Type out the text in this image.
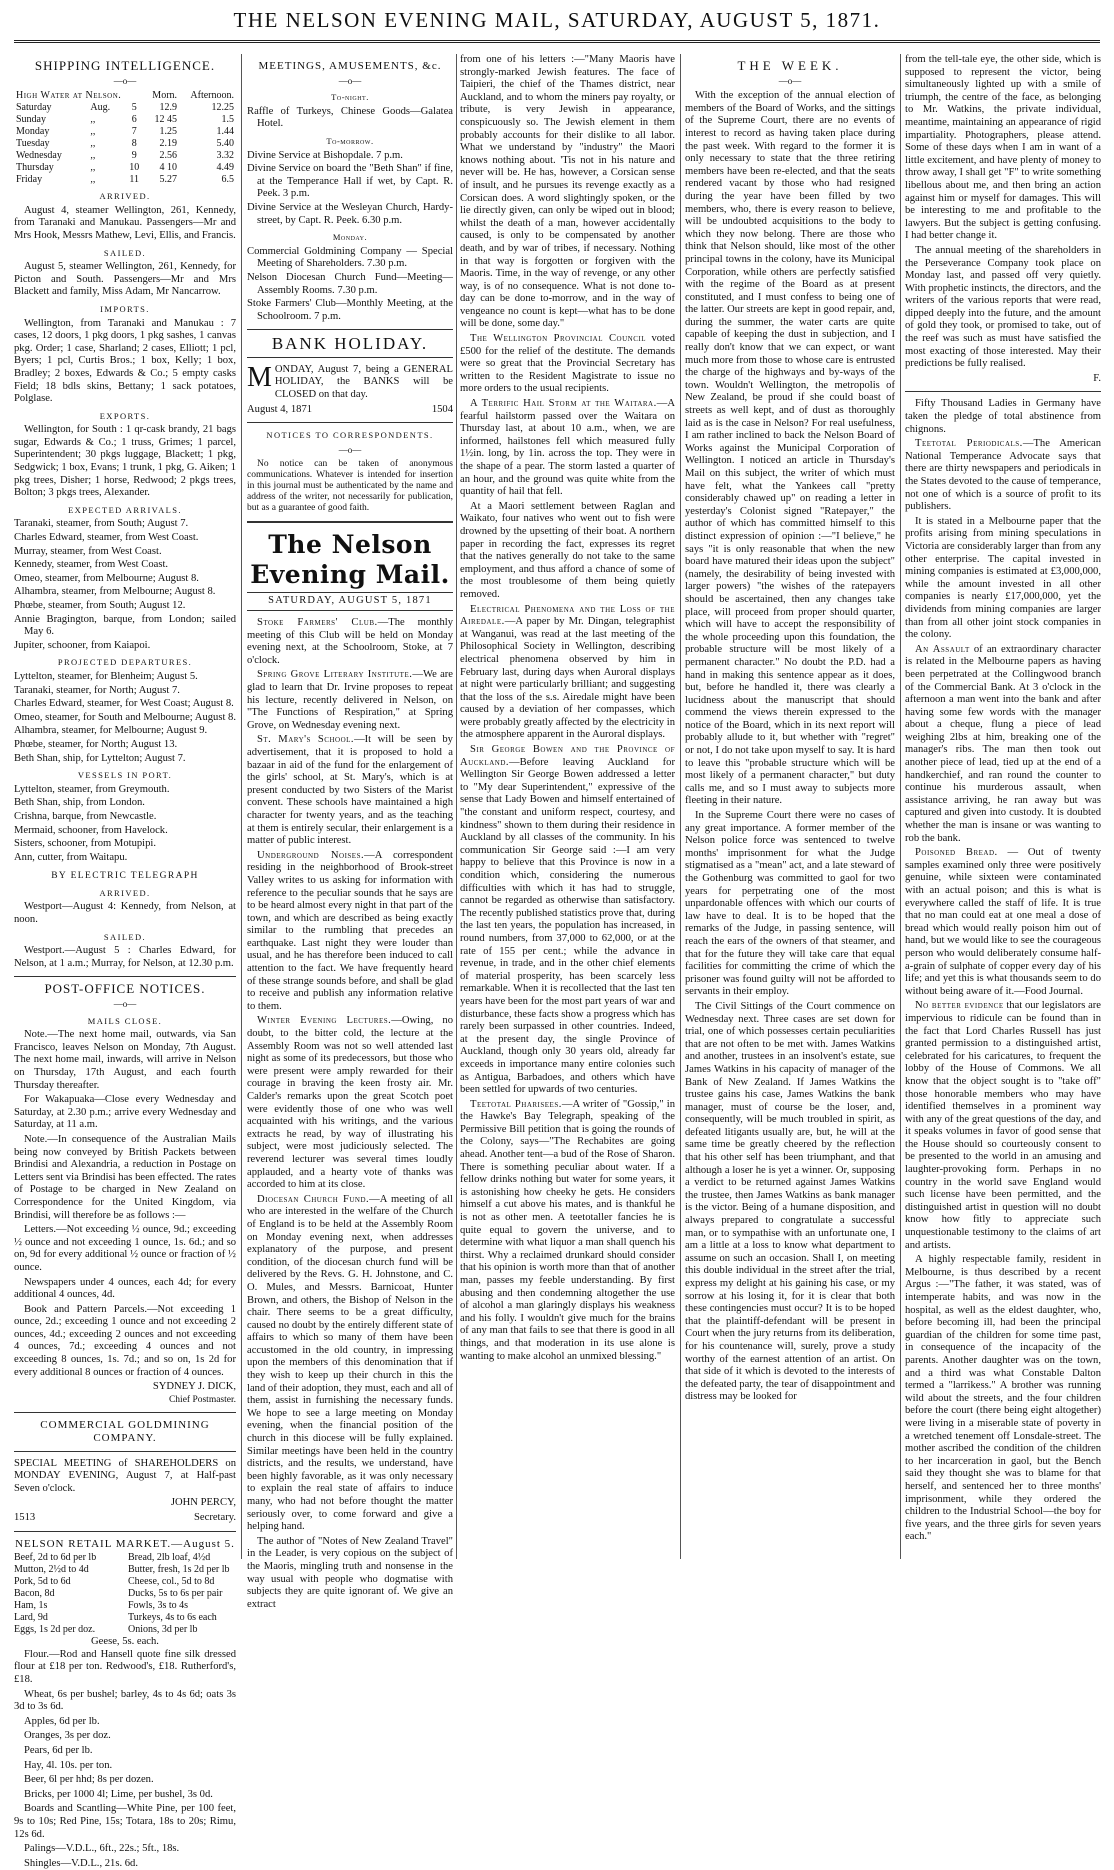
THE NELSON EVENING MAIL, SATURDAY, AUGUST 5, 1871.
SHIPPING INTELLIGENCE.
—o—
High Water at Nelson.			Morn.	Afternoon.
Saturday	Aug.	5	12.9	12.25
Sunday	,,	6	12 45	1.5
Monday	,,	7	1.25	1.44
Tuesday	,,	8	2.19	5.40
Wednesday	,,	9	2.56	3.32
Thursday	,,	10	4 10	4.49
Friday	,,	11	5.27	6.5
ARRIVED.
August 4, steamer Wellington, 261, Kennedy, from Taranaki and Manukau. Passengers—Mr and Mrs Hook, Messrs Mathew, Levi, Ellis, and Francis.
SAILED.
August 5, steamer Wellington, 261, Kennedy, for Picton and South. Passengers—Mr and Mrs Blackett and family, Miss Adam, Mr Nancarrow.
IMPORTS.
Wellington, from Taranaki and Manukau : 7 cases, 12 doors, 1 pkg doors, 1 pkg sashes, 1 canvas pkg. Order; 1 case, Sharland; 2 cases, Elliott; 1 pcl, Byers; 1 pcl, Curtis Bros.; 1 box, Kelly; 1 box, Bradley; 2 boxes, Edwards & Co.; 5 empty casks Field; 18 bdls skins, Bettany; 1 sack potatoes, Polglase.
EXPORTS.
Wellington, for South : 1 qr-cask brandy, 21 bags sugar, Edwards & Co.; 1 truss, Grimes; 1 parcel, Superintendent; 30 pkgs luggage, Blackett; 1 pkg, Sedgwick; 1 box, Evans; 1 trunk, 1 pkg, G. Aiken; 1 pkg trees, Disher; 1 horse, Redwood; 2 pkgs trees, Bolton; 3 pkgs trees, Alexander.
EXPECTED ARRIVALS.
Taranaki, steamer, from South; August 7.
Charles Edward, steamer, from West Coast.
Murray, steamer, from West Coast.
Kennedy, steamer, from West Coast.
Omeo, steamer, from Melbourne; August 8.
Alhambra, steamer, from Melbourne; August 8.
Phœbe, steamer, from South; August 12.
Annie Bragington, barque, from London; sailed May 6.
Jupiter, schooner, from Kaiapoi.
PROJECTED DEPARTURES.
Lyttelton, steamer, for Blenheim; August 5.
Taranaki, steamer, for North; August 7.
Charles Edward, steamer, for West Coast; August 8.
Omeo, steamer, for South and Melbourne; August 8.
Alhambra, steamer, for Melbourne; August 9.
Phœbe, steamer, for North; August 13.
Beth Shan, ship, for Lyttelton; August 7.
VESSELS IN PORT.
Lyttelton, steamer, from Greymouth.
Beth Shan, ship, from London.
Crishna, barque, from Newcastle.
Mermaid, schooner, from Havelock.
Sisters, schooner, from Motupipi.
Ann, cutter, from Waitapu.
BY ELECTRIC TELEGRAPH
ARRIVED.
Westport—August 4: Kennedy, from Nelson, at noon.
SAILED.
Westport.—August 5 : Charles Edward, for Nelson, at 1 a.m.; Murray, for Nelson, at 12.30 p.m.
POST-OFFICE NOTICES.
—o—
MAILS CLOSE.
Note.—The next home mail, outwards, via San Francisco, leaves Nelson on Monday, 7th August. The next home mail, inwards, will arrive in Nelson on Thursday, 17th August, and each fourth Thursday thereafter.
For Wakapuaka—Close every Wednesday and Saturday, at 2.30 p.m.; arrive every Wednesday and Saturday, at 11 a.m.
Note.—In consequence of the Australian Mails being now conveyed by British Packets between Brindisi and Alexandria, a reduction in Postage on Letters sent via Brindisi has been effected. The rates of Postage to be charged in New Zealand on Correspondence for the United Kingdom, via Brindisi, will therefore be as follows :—
Letters.—Not exceeding ½ ounce, 9d.; exceeding ½ ounce and not exceeding 1 ounce, 1s. 6d.; and so on, 9d for every additional ½ ounce or fraction of ½ ounce.
Newspapers under 4 ounces, each 4d; for every additional 4 ounces, 4d.
Book and Pattern Parcels.—Not exceeding 1 ounce, 2d.; exceeding 1 ounce and not exceeding 2 ounces, 4d.; exceeding 2 ounces and not exceeding 4 ounces, 7d.; exceeding 4 ounces and not exceeding 8 ounces, 1s. 7d.; and so on, 1s 2d for every additional 8 ounces or fraction of 4 ounces.
SYDNEY J. DICK,
Chief Postmaster.
COMMERCIAL GOLDMINING COMPANY.
SPECIAL MEETING of SHAREHOLDERS on MONDAY EVENING, August 7, at Half-past Seven o'clock.
JOHN PERCY,
1513	Secretary.
NELSON RETAIL MARKET.—August 5.
Beef, 2d to 6d per lb
Mutton, 2½d to 4d
Pork, 5d to 6d
Bacon, 8d
Ham, 1s
Lard, 9d
Eggs, 1s 2d per doz.
Bread, 2lb loaf, 4½d
Butter, fresh, 1s 2d per lb
Cheese, col., 5d to 8d
Ducks, 5s to 6s per pair
Fowls, 3s to 4s
Turkeys, 4s to 6s each
Onions, 3d per lb
Geese, 5s. each.
Flour.—Rod and Hansell quote fine silk dressed flour at £18 per ton. Redwood's, £18. Rutherford's, £18.
Wheat, 6s per bushel; barley, 4s to 4s 6d; oats 3s 3d to 3s 6d.
Apples, 6d per lb.
Oranges, 3s per doz.
Pears, 6d per lb.
Hay, 4l. 10s. per ton.
Beer, 6l per hhd; 8s per dozen.
Bricks, per 1000 4l; Lime, per bushel, 3s 0d.
Boards and Scantling—White Pine, per 100 feet, 9s to 10s; Red Pine, 15s; Totara, 18s to 20s; Rimu, 12s 6d.
Palings—V.D.L., 6ft., 22s.; 5ft., 18s.
Shingles—V.D.L., 21s. 6d.
MEETINGS, AMUSEMENTS, &c.
—o—
To-night.
Raffle of Turkeys, Chinese Goods—Galatea Hotel.
To-morrow.
Divine Service at Bishopdale. 7 p.m.
Divine Service on board the "Beth Shan" if fine, at the Temperance Hall if wet, by Capt. R. Peek. 3 p.m.
Divine Service at the Wesleyan Church, Hardy-street, by Capt. R. Peek. 6.30 p.m.
Monday.
Commercial Goldmining Company — Special Meeting of Shareholders. 7.30 p.m.
Nelson Diocesan Church Fund—Meeting—Assembly Rooms. 7.30 p.m.
Stoke Farmers' Club—Monthly Meeting, at the Schoolroom. 7 p.m.
BANK HOLIDAY.
MONDAY, August 7, being a GENERAL HOLIDAY, the BANKS will be CLOSED on that day.
August 4, 1871	1504
NOTICES TO CORRESPONDENTS.
—o—
No notice can be taken of anonymous communications. Whatever is intended for insertion in this journal must be authenticated by the name and address of the writer, not necessarily for publication, but as a guarantee of good faith.
The Nelson Evening Mail.
SATURDAY, AUGUST 5, 1871
Stoke Farmers' Club.—The monthly meeting of this Club will be held on Monday evening next, at the Schoolroom, Stoke, at 7 o'clock.
Spring Grove Literary Institute.—We are glad to learn that Dr. Irvine proposes to repeat his lecture, recently delivered in Nelson, on "The Functions of Respiration," at Spring Grove, on Wednesday evening next.
St. Mary's School.—It will be seen by advertisement, that it is proposed to hold a bazaar in aid of the fund for the enlargement of the girls' school, at St. Mary's, which is at present conducted by two Sisters of the Marist convent. These schools have maintained a high character for twenty years, and as the teaching at them is entirely secular, their enlargement is a matter of public interest.
Underground Noises.—A correspondent residing in the neighborhood of Brook-street Valley writes to us asking for information with reference to the peculiar sounds that he says are to be heard almost every night in that part of the town, and which are described as being exactly similar to the rumbling that precedes an earthquake. Last night they were louder than usual, and he has therefore been induced to call attention to the fact. We have frequently heard of these strange sounds before, and shall be glad to receive and publish any information relative to them.
Winter Evening Lectures.—Owing, no doubt, to the bitter cold, the lecture at the Assembly Room was not so well attended last night as some of its predecessors, but those who were present were amply rewarded for their courage in braving the keen frosty air. Mr. Calder's remarks upon the great Scotch poet were evidently those of one who was well acquainted with his writings, and the various extracts he read, by way of illustrating his subject, were most judiciously selected. The reverend lecturer was several times loudly applauded, and a hearty vote of thanks was accorded to him at its close.
Diocesan Church Fund.—A meeting of all who are interested in the welfare of the Church of England is to be held at the Assembly Room on Monday evening next, when addresses explanatory of the purpose, and present condition, of the diocesan church fund will be delivered by the Revs. G. H. Johnstone, and C. O. Mules, and Messrs. Barnicoat, Hunter Brown, and others, the Bishop of Nelson in the chair. There seems to be a great difficulty, caused no doubt by the entirely different state of affairs to which so many of them have been accustomed in the old country, in impressing upon the members of this denomination that if they wish to keep up their church in this the land of their adoption, they must, each and all of them, assist in furnishing the necessary funds. We hope to see a large meeting on Monday evening, when the financial position of the church in this diocese will be fully explained. Similar meetings have been held in the country districts, and the results, we understand, have been highly favorable, as it was only necessary to explain the real state of affairs to induce many, who had not before thought the matter seriously over, to come forward and give a helping hand.
The author of "Notes of New Zealand Travel" in the Leader, is very copious on the subject of the Maoris, mingling truth and nonsense in the way usual with people who dogmatise with subjects they are quite ignorant of. We give an extract
from one of his letters :—"Many Maoris have strongly-marked Jewish features. The face of Taipieri, the chief of the Thames district, near Auckland, and to whom the miners pay royalty, or tribute, is very Jewish in appearance, conspicuously so. The Jewish element in them probably accounts for their dislike to all labor. What we understand by "industry" the Maori knows nothing about. 'Tis not in his nature and never will be. He has, however, a Corsican sense of insult, and he pursues its revenge exactly as a Corsican does. A word slightingly spoken, or the lie directly given, can only be wiped out in blood; whilst the death of a man, however accidentally caused, is only to be compensated by another death, and by war of tribes, if necessary. Nothing in that way is forgotten or forgiven with the Maoris. Time, in the way of revenge, or any other way, is of no consequence. What is not done to-day can be done to-morrow, and in the way of vengeance no count is kept—what has to be done will be done, some day."
The Wellington Provincial Council voted £500 for the relief of the destitute. The demands were so great that the Provincial Secretary has written to the Resident Magistrate to issue no more orders to the usual recipients.
A Terrific Hail Storm at the Waitara.—A fearful hailstorm passed over the Waitara on Thursday last, at about 10 a.m., when, we are informed, hailstones fell which measured fully 1½in. long, by 1in. across the top. They were in the shape of a pear. The storm lasted a quarter of an hour, and the ground was quite white from the quantity of hail that fell.
At a Maori settlement between Raglan and Waikato, four natives who went out to fish were drowned by the upsetting of their boat. A northern paper in recording the fact, expresses its regret that the natives generally do not take to the same employment, and thus afford a chance of some of the most troublesome of them being quietly removed.
Electrical Phenomena and the Loss of the Airedale.—A paper by Mr. Dingan, telegraphist at Wanganui, was read at the last meeting of the Philosophical Society in Wellington, describing electrical phenomena observed by him in February last, during days when Auroral displays at night were particularly brilliant; and suggesting that the loss of the s.s. Airedale might have been caused by a deviation of her compasses, which were probably greatly affected by the electricity in the atmosphere apparent in the Auroral displays.
Sir George Bowen and the Province of Auckland.—Before leaving Auckland for Wellington Sir George Bowen addressed a letter to "My dear Superintendent," expressive of the sense that Lady Bowen and himself entertained of "the constant and uniform respect, courtesy, and kindness" shown to them during their residence in Auckland by all classes of the community. In his communication Sir George said :—I am very happy to believe that this Province is now in a condition which, considering the numerous difficulties with which it has had to struggle, cannot be regarded as otherwise than satisfactory. The recently published statistics prove that, during the last ten years, the population has increased, in round numbers, from 37,000 to 62,000, or at the rate of 155 per cent.; while the advance in revenue, in trade, and in the other chief elements of material prosperity, has been scarcely less remarkable. When it is recollected that the last ten years have been for the most part years of war and disturbance, these facts show a progress which has rarely been surpassed in other countries. Indeed, at the present day, the single Province of Auckland, though only 30 years old, already far exceeds in importance many entire colonies such as Antigua, Barbadoes, and others which have been settled for upwards of two centuries.
Teetotal Pharisees.—A writer of "Gossip," in the Hawke's Bay Telegraph, speaking of the Permissive Bill petition that is going the rounds of the Colony, says—"The Rechabites are going ahead. Another tent—a bud of the Rose of Sharon. There is something peculiar about water. If a fellow drinks nothing but water for some years, it is astonishing how cheeky he gets. He considers himself a cut above his mates, and is thankful he is not as other men. A teetotaller fancies he is quite equal to govern the universe, and to determine with what liquor a man shall quench his thirst. Why a reclaimed drunkard should consider that his opinion is worth more than that of another man, passes my feeble understanding. By first abusing and then condemning altogether the use of alcohol a man glaringly displays his weakness and his folly. I wouldn't give much for the brains of any man that fails to see that there is good in all things, and that moderation in its use alone is wanting to make alcohol an unmixed blessing."
THE WEEK.
—o—
With the exception of the annual election of members of the Board of Works, and the sittings of the Supreme Court, there are no events of interest to record as having taken place during the past week. With regard to the former it is only necessary to state that the three retiring members have been re-elected, and that the seats rendered vacant by those who had resigned during the year have been filled by two members, who, there is every reason to believe, will be undoubted acquisitions to the body to which they now belong. There are those who think that Nelson should, like most of the other principal towns in the colony, have its Municipal Corporation, while others are perfectly satisfied with the regime of the Board as at present constituted, and I must confess to being one of the latter. Our streets are kept in good repair, and, during the summer, the water carts are quite capable of keeping the dust in subjection, and I really don't know that we can expect, or want much more from those to whose care is entrusted the charge of the highways and by-ways of the town. Wouldn't Wellington, the metropolis of New Zealand, be proud if she could boast of streets as well kept, and of dust as thoroughly laid as is the case in Nelson? For real usefulness, I am rather inclined to back the Nelson Board of Works against the Municipal Corporation of Wellington. I noticed an article in Thursday's Mail on this subject, the writer of which must have felt, what the Yankees call "pretty considerably chawed up" on reading a letter in yesterday's Colonist signed "Ratepayer," the author of which has committed himself to this distinct expression of opinion :—"I believe," he says "it is only reasonable that when the new board have matured their ideas upon the subject" (namely, the desirability of being invested with larger powers) "the wishes of the ratepayers should be ascertained, then any changes take place, will proceed from proper should quarter, which will have to accept the responsibility of the whole proceeding upon this foundation, the probable structure will be most likely of a permanent character." No doubt the P.D. had a hand in making this sentence appear as it does, but, before he handled it, there was clearly a lucidness about the manuscript that should commend the views therein expressed to the notice of the Board, which in its next report will probably allude to it, but whether with "regret" or not, I do not take upon myself to say. It is hard to leave this "probable structure which will be most likely of a permanent character," but duty calls me, and so I must away to subjects more fleeting in their nature.
In the Supreme Court there were no cases of any great importance. A former member of the Nelson police force was sentenced to twelve months' imprisonment for what the Judge stigmatised as a "mean" act, and a late steward of the Gothenburg was committed to gaol for two years for perpetrating one of the most unpardonable offences with which our courts of law have to deal. It is to be hoped that the remarks of the Judge, in passing sentence, will reach the ears of the owners of that steamer, and that for the future they will take care that equal facilities for committing the crime of which the prisoner was found guilty will not be afforded to servants in their employ.
The Civil Sittings of the Court commence on Wednesday next. Three cases are set down for trial, one of which possesses certain peculiarities that are not often to be met with. James Watkins and another, trustees in an insolvent's estate, sue James Watkins in his capacity of manager of the Bank of New Zealand. If James Watkins the trustee gains his case, James Watkins the bank manager, must of course be the loser, and, consequently, will be much troubled in spirit, as defeated litigants usually are, but, he will at the same time be greatly cheered by the reflection that his other self has been triumphant, and that although a loser he is yet a winner. Or, supposing a verdict to be returned against James Watkins the trustee, then James Watkins as bank manager is the victor. Being of a humane disposition, and always prepared to congratulate a successful man, or to sympathise with an unfortunate one, I am a little at a loss to know what department to assume on such an occasion. Shall I, on meeting this double individual in the street after the trial, express my delight at his gaining his case, or my sorrow at his losing it, for it is clear that both these contingencies must occur? It is to be hoped that the plaintiff-defendant will be present in Court when the jury returns from its deliberation, for his countenance will, surely, prove a study worthy of the earnest attention of an artist. On that side of it which is devoted to the interests of the defeated party, the tear of disappointment and distress may be looked for
from the tell-tale eye, the other side, which is supposed to represent the victor, being simultaneously lighted up with a smile of triumph, the centre of the face, as belonging to Mr. Watkins, the private individual, meantime, maintaining an appearance of rigid impartiality. Photographers, please attend. Some of these days when I am in want of a little excitement, and have plenty of money to throw away, I shall get "F" to write something libellous about me, and then bring an action against him or myself for damages. This will be interesting to me and profitable to the lawyers. But the subject is getting confusing. I had better change it.
The annual meeting of the shareholders in the Perseverance Company took place on Monday last, and passed off very quietly. With prophetic instincts, the directors, and the writers of the various reports that were read, dipped deeply into the future, and the amount of gold they took, or promised to take, out of the reef was such as must have satisfied the most exacting of those interested. May their predictions be fully realised.
F.
Fifty Thousand Ladies in Germany have taken the pledge of total abstinence from chignons.
Teetotal Periodicals.—The American National Temperance Advocate says that there are thirty newspapers and periodicals in the States devoted to the cause of temperance, not one of which is a source of profit to its publishers.
It is stated in a Melbourne paper that the profits arising from mining speculations in Victoria are considerably larger than from any other enterprise. The capital invested in mining companies is estimated at £3,000,000, while the amount invested in all other companies is nearly £17,000,000, yet the dividends from mining companies are larger than from all other joint stock companies in the colony.
An Assault of an extraordinary character is related in the Melbourne papers as having been perpetrated at the Collingwood branch of the Commercial Bank. At 3 o'clock in the afternoon a man went into the bank and after having some few words with the manager about a cheque, flung a piece of lead weighing 2lbs at him, breaking one of the manager's ribs. The man then took out another piece of lead, tied up at the end of a handkerchief, and ran round the counter to continue his murderous assault, when assistance arriving, he ran away but was captured and given into custody. It is doubted whether the man is insane or was wanting to rob the bank.
Poisoned Bread. — Out of twenty samples examined only three were positively genuine, while sixteen were contaminated with an actual poison; and this is what is everywhere called the staff of life. It is true that no man could eat at one meal a dose of bread which would really poison him out of hand, but we would like to see the courageous person who would deliberately consume half-a-grain of sulphate of copper every day of his life; and yet this is what thousands seem to do without being aware of it.—Food Journal.
No better evidence that our legislators are impervious to ridicule can be found than in the fact that Lord Charles Russell has just granted permission to a distinguished artist, celebrated for his caricatures, to frequent the lobby of the House of Commons. We all know that the object sought is to "take off" those honorable members who may have identified themselves in a prominent way with any of the great questions of the day, and it speaks volumes in favor of good sense that the House should so courteously consent to be presented to the world in an amusing and laughter-provoking form. Perhaps in no country in the world save England would such license have been permitted, and the distinguished artist in question will no doubt know how fitly to appreciate such unquestionable testimony to the claims of art and artists.
A highly respectable family, resident in Melbourne, is thus described by a recent Argus :—"The father, it was stated, was of intemperate habits, and was now in the hospital, as well as the eldest daughter, who, before becoming ill, had been the principal guardian of the children for some time past, in consequence of the incapacity of the parents. Another daughter was on the town, and a third was what Constable Dalton termed a "larrikess." A brother was running wild about the streets, and the four children before the court (there being eight altogether) were living in a miserable state of poverty in a wretched tenement off Lonsdale-street. The mother ascribed the condition of the children to her incarceration in gaol, but the Bench said they thought she was to blame for that herself, and sentenced her to three months' imprisonment, while they ordered the children to the Industrial School—the boy for five years, and the three girls for seven years each."
